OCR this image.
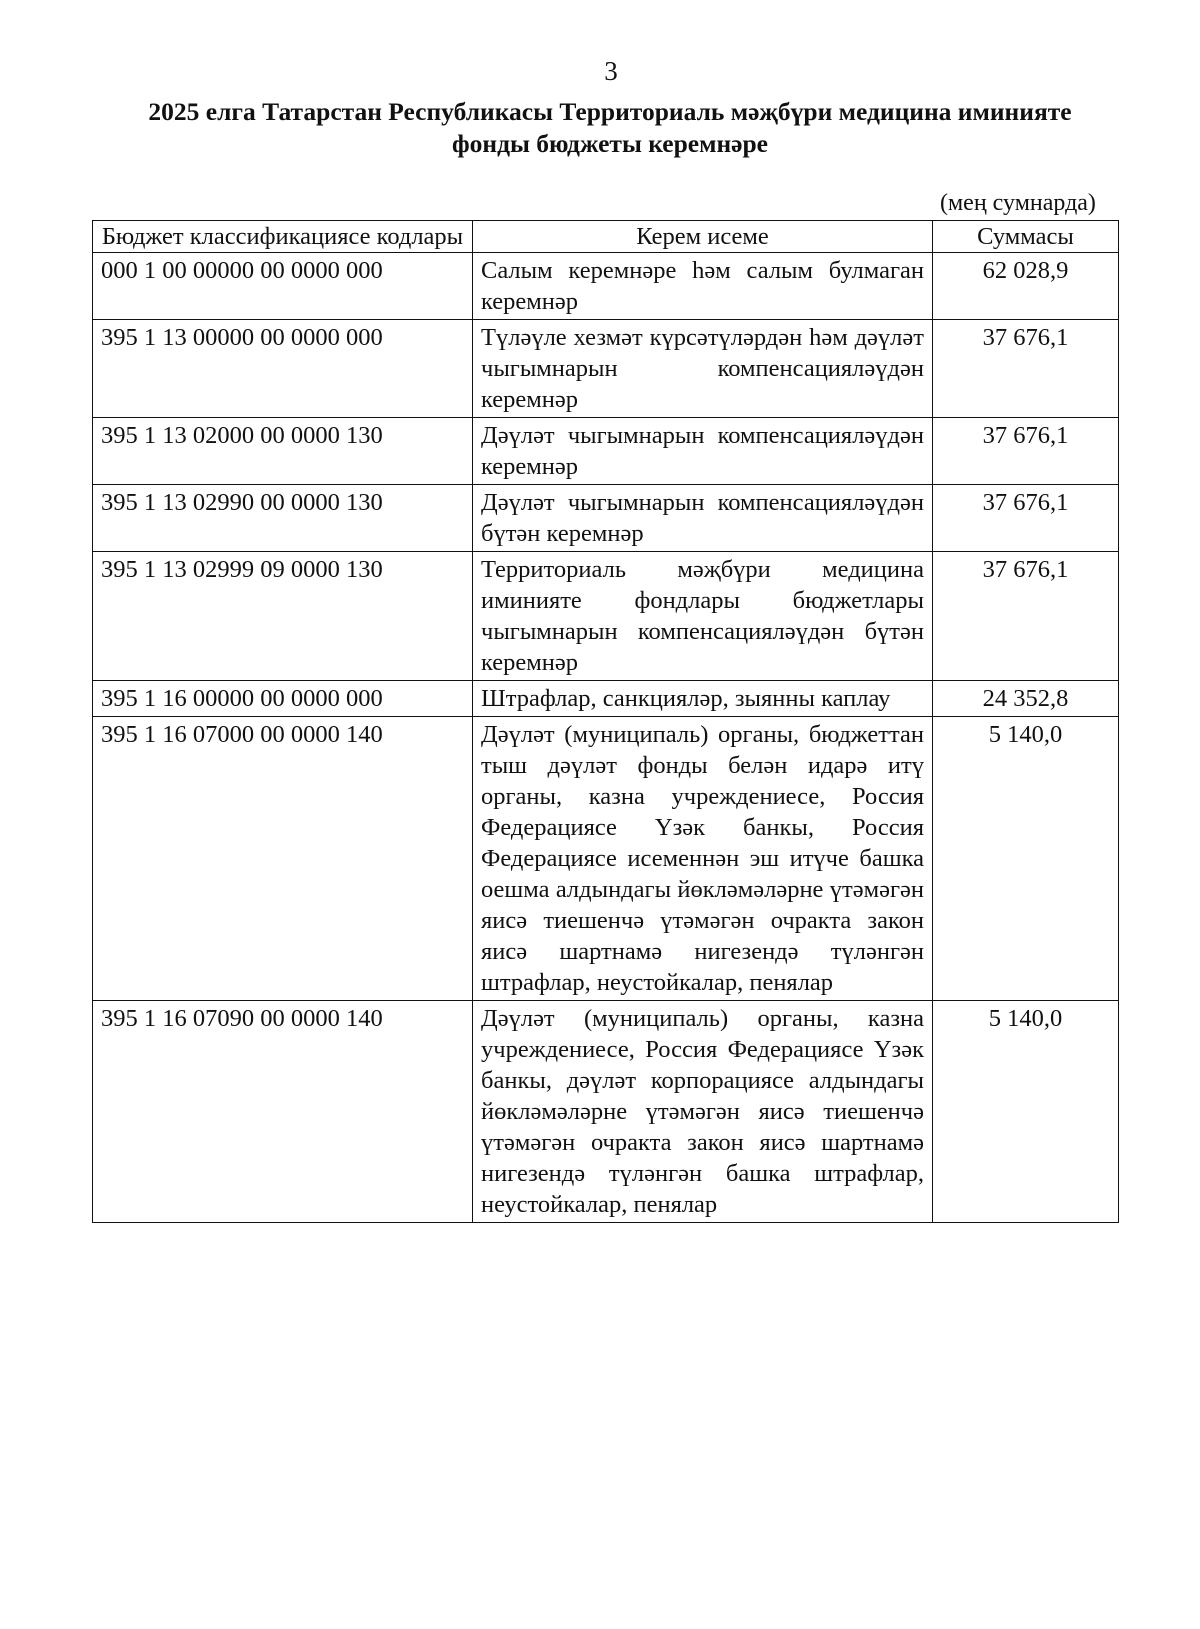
3
2025 елга Татарстан Республикасы Территориаль мәҗбүри медицина иминияте фонды бюджеты керемнәре
(мең сумнарда)
Бюджет классификациясе кодлары	Керем исеме	Суммасы
000 1 00 00000 00 0000 000	Салым керемнәре һәм салым булмаган керемнәр	62 028,9
395 1 13 00000 00 0000 000	Түләүле хезмәт күрсәтүләрдән һәм дәүләт чыгымнарын компенсацияләүдән керемнәр	37 676,1
395 1 13 02000 00 0000 130	Дәүләт чыгымнарын компенсацияләүдән керемнәр	37 676,1
395 1 13 02990 00 0000 130	Дәүләт чыгымнарын компенсацияләүдән бүтән керемнәр	37 676,1
395 1 13 02999 09 0000 130	Территориаль мәҗбүри медицина иминияте фондлары бюджетлары чыгымнарын компенсацияләүдән бүтән керемнәр	37 676,1
395 1 16 00000 00 0000 000	Штрафлар, санкцияләр, зыянны каплау	24 352,8
395 1 16 07000 00 0000 140	Дәүләт (муниципаль) органы, бюджеттан тыш дәүләт фонды белән идарә итү органы, казна учреждениесе, Россия Федерациясе Үзәк банкы, Россия Федерациясе исеменнән эш итүче башка оешма алдындагы йөкләмәләрне үтәмәгән яисә тиешенчә үтәмәгән очракта закон яисә шартнамә нигезендә түләнгән штрафлар, неустойкалар, пенялар	5 140,0
395 1 16 07090 00 0000 140	Дәүләт (муниципаль) органы, казна учреждениесе, Россия Федерациясе Үзәк банкы, дәүләт корпорациясе алдындагы йөкләмәләрне үтәмәгән яисә тиешенчә үтәмәгән очракта закон яисә шартнамә нигезендә түләнгән башка штрафлар, неустойкалар, пенялар	5 140,0
